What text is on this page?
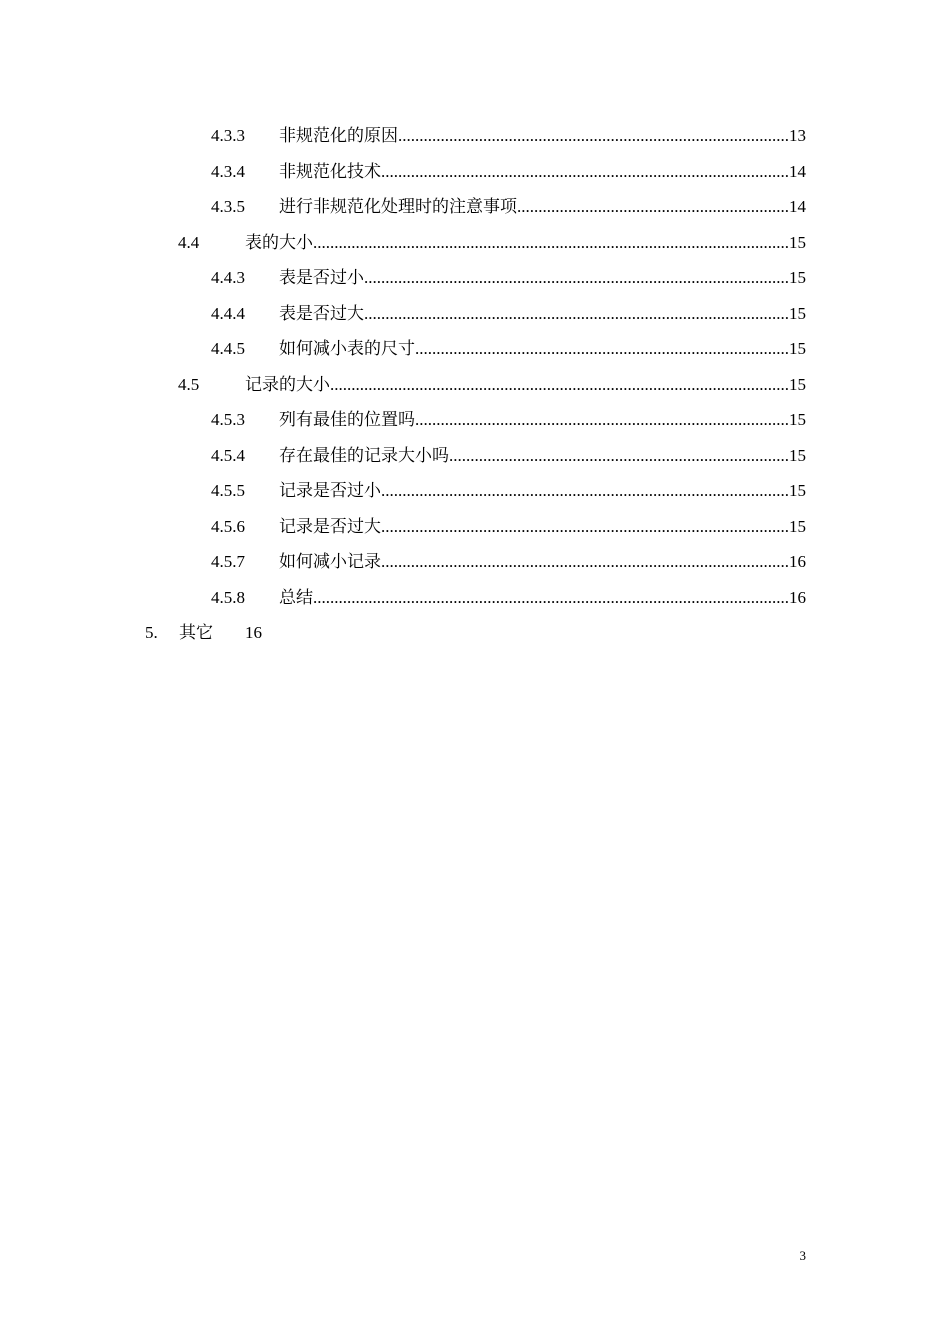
4.3.3 非规范化的原因 .....	13
4.3.4 非规范化技术 .....	14
4.3.5 进行非规范化处理时的注意事项 .....	14
4.4	表的大小 .....	15
4.4.3 表是否过小 .....	15
4.4.4 表是否过大 .....	15
4.4.5 如何减小表的尺寸 .....	15
4.5	记录的大小 .....	15
4.5.3 列有最佳的位置吗 .....	15
4.5.4 存在最佳的记录大小吗 .....	15
4.5.5 记录是否过小 .....	15
4.5.6 记录是否过大 .....	15
4.5.7 如何减小记录 .....	16
4.5.8 总结 .....	16
5. 其它 16
3
